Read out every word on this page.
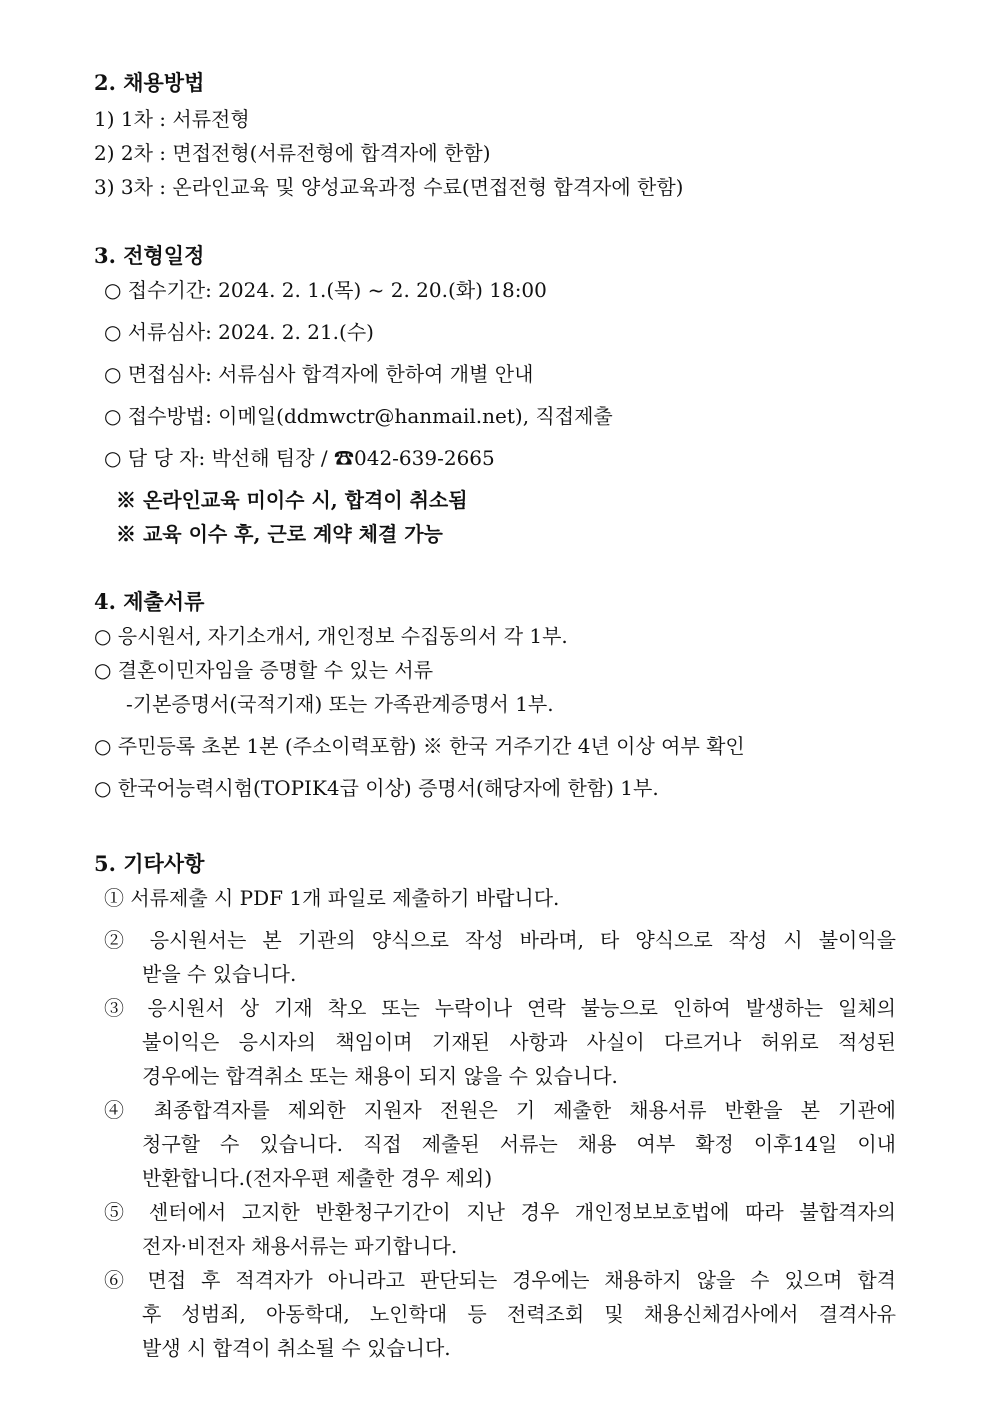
2. 채용방법
1) 1차 : 서류전형
2) 2차 : 면접전형(서류전형에 합격자에 한함)
3) 3차 : 온라인교육 및 양성교육과정 수료(면접전형 합격자에 한함)
3. 전형일정
○ 접수기간: 2024. 2. 1.(목) ~ 2. 20.(화) 18:00
○ 서류심사: 2024. 2. 21.(수)
○ 면접심사: 서류심사 합격자에 한하여 개별 안내
○ 접수방법: 이메일(ddmwctr@hanmail.net), 직접제출
○ 담 당 자: 박선해 팀장 / ☎042-639-2665
※ 온라인교육 미이수 시, 합격이 취소됨
※ 교육 이수 후, 근로 계약 체결 가능
4. 제출서류
○ 응시원서, 자기소개서, 개인정보 수집동의서 각 1부.
○ 결혼이민자임을 증명할 수 있는 서류
-기본증명서(국적기재) 또는 가족관계증명서 1부.
○ 주민등록 초본 1본 (주소이력포함) ※ 한국 거주기간 4년 이상 여부 확인
○ 한국어능력시험(TOPIK4급 이상) 증명서(해당자에 한함) 1부.
5. 기타사항
① 서류제출 시 PDF 1개 파일로 제출하기 바랍니다.
② 응시원서는 본 기관의 양식으로 작성 바라며, 타 양식으로 작성 시 불이익을
받을 수 있습니다.
③ 응시원서 상 기재 착오 또는 누락이나 연락 불능으로 인하여 발생하는 일체의
불이익은 응시자의 책임이며 기재된 사항과 사실이 다르거나 허위로 적성된
경우에는 합격취소 또는 채용이 되지 않을 수 있습니다.
④ 최종합격자를 제외한 지원자 전원은 기 제출한 채용서류 반환을 본 기관에
청구할 수 있습니다. 직접 제출된 서류는 채용 여부 확정 이후14일 이내
반환합니다.(전자우편 제출한 경우 제외)
⑤ 센터에서 고지한 반환청구기간이 지난 경우 개인정보보호법에 따라 불합격자의
전자·비전자 채용서류는 파기합니다.
⑥ 면접 후 적격자가 아니라고 판단되는 경우에는 채용하지 않을 수 있으며 합격
후 성범죄, 아동학대, 노인학대 등 전력조회 및 채용신체검사에서 결격사유
발생 시 합격이 취소될 수 있습니다.
